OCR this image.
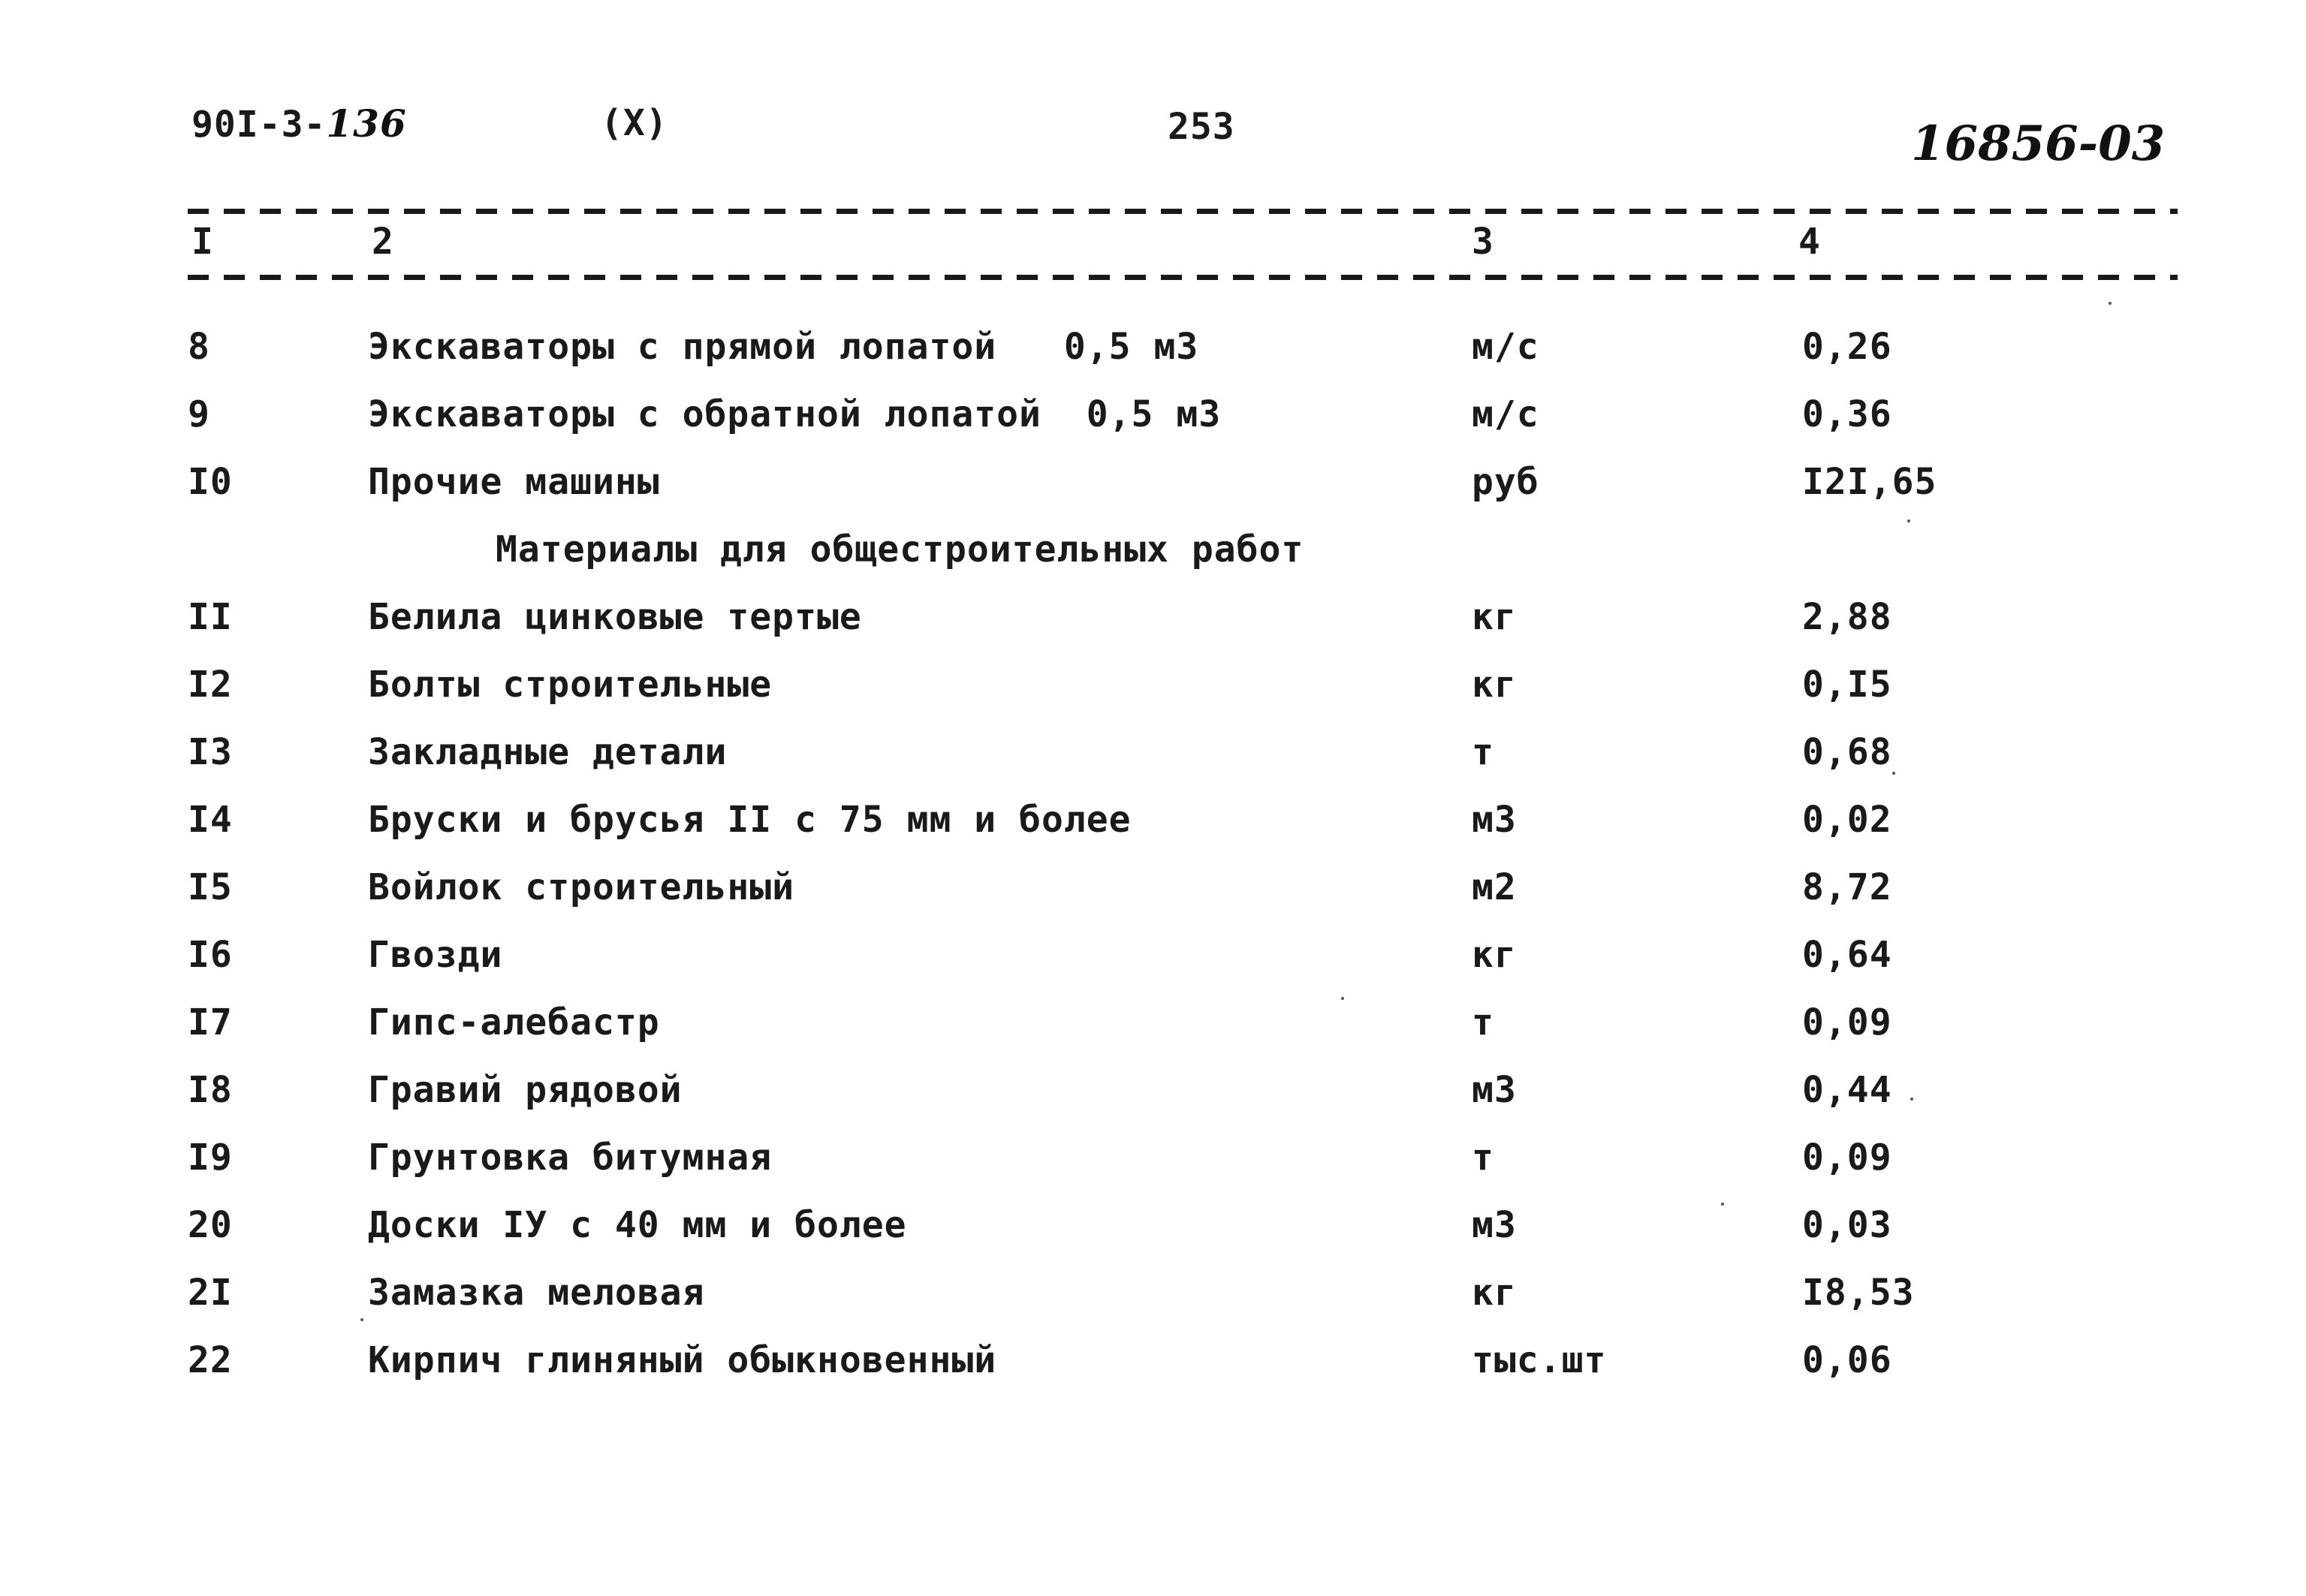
90I-3-136	(X)	253	16856-03
I	2	3	4
8	Экскаваторы с прямой лопатой   0,5 м3	м/с	0,26
9	Экскаваторы с обратной лопатой  0,5 м3	м/с	0,36
I0	Прочие машины	руб	I2I,65
Материалы для общестроительных работ
II	Белила цинковые тертые	кг	2,88
I2	Болты строительные	кг	0,I5
I3	Закладные детали	т	0,68
I4	Бруски и брусья II с 75 мм и более	м3	0,02
I5	Войлок строительный	м2	8,72
I6	Гвозди	кг	0,64
I7	Гипс-алебастр	т	0,09
I8	Гравий рядовой	м3	0,44
I9	Грунтовка битумная	т	0,09
20	Доски IУ с 40 мм и более	м3	0,03
2I	Замазка меловая	кг	I8,53
22	Кирпич глиняный обыкновенный	тыс.шт	0,06
